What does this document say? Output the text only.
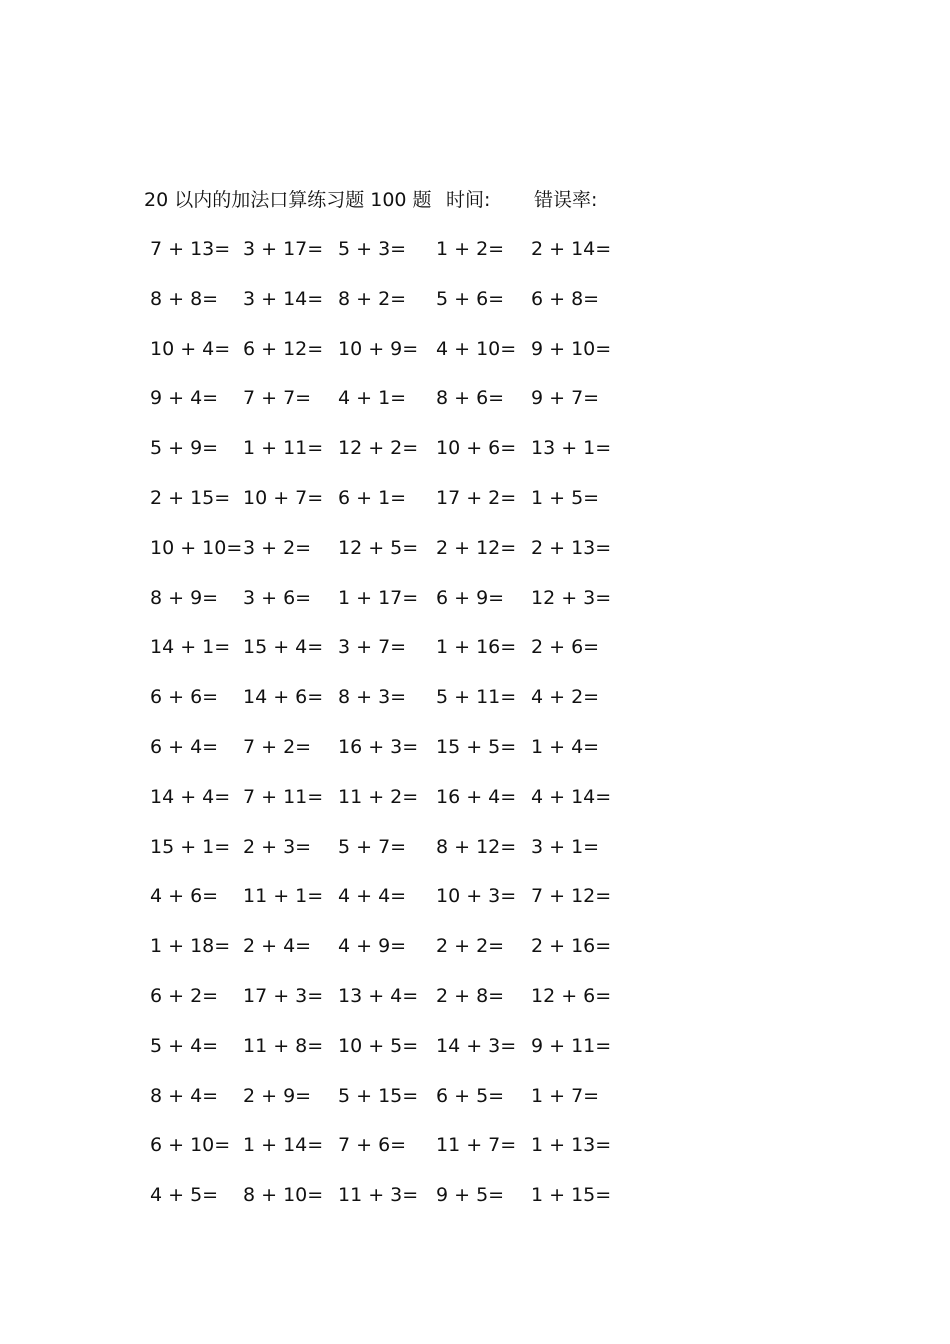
20 以内的加法口算练习题 100 题 时间: 错误率:
7 + 13= 3 + 17= 5 + 3= 1 + 2= 2 + 14=
8 + 8= 3 + 14= 8 + 2= 5 + 6= 6 + 8=
10 + 4= 6 + 12= 10 + 9= 4 + 10= 9 + 10=
9 + 4= 7 + 7= 4 + 1= 8 + 6= 9 + 7=
5 + 9= 1 + 11= 12 + 2= 10 + 6= 13 + 1=
2 + 15= 10 + 7= 6 + 1= 17 + 2= 1 + 5=
10 + 10= 3 + 2= 12 + 5= 2 + 12= 2 + 13=
8 + 9= 3 + 6= 1 + 17= 6 + 9= 12 + 3=
14 + 1= 15 + 4= 3 + 7= 1 + 16= 2 + 6=
6 + 6= 14 + 6= 8 + 3= 5 + 11= 4 + 2=
6 + 4= 7 + 2= 16 + 3= 15 + 5= 1 + 4=
14 + 4= 7 + 11= 11 + 2= 16 + 4= 4 + 14=
15 + 1= 2 + 3= 5 + 7= 8 + 12= 3 + 1=
4 + 6= 11 + 1= 4 + 4= 10 + 3= 7 + 12=
1 + 18= 2 + 4= 4 + 9= 2 + 2= 2 + 16=
6 + 2= 17 + 3= 13 + 4= 2 + 8= 12 + 6=
5 + 4= 11 + 8= 10 + 5= 14 + 3= 9 + 11=
8 + 4= 2 + 9= 5 + 15= 6 + 5= 1 + 7=
6 + 10= 1 + 14= 7 + 6= 11 + 7= 1 + 13=
4 + 5= 8 + 10= 11 + 3= 9 + 5= 1 + 15=
